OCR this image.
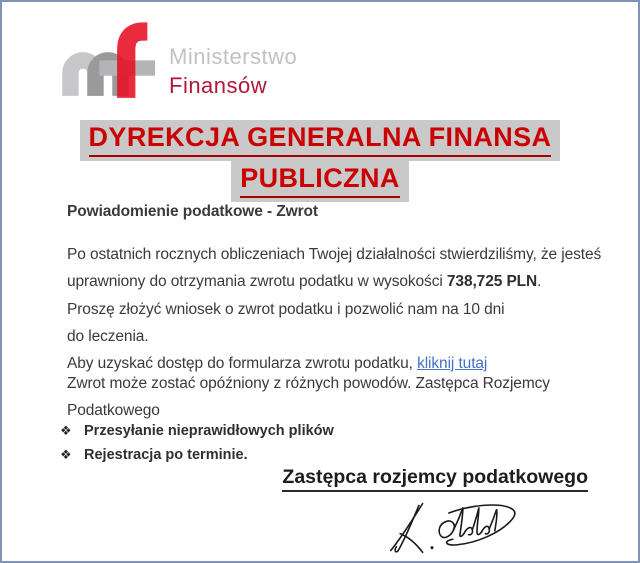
Ministerstwo
Finansów
DYREKCJA GENERALNA FINANSA
PUBLICZNA
Powiadomienie podatkowe - Zwrot
Po ostatnich rocznych obliczeniach Twojej działalności stwierdziliśmy, że jesteś uprawniony do otrzymania zwrotu podatku w wysokości 738,725 PLN.
Proszę złożyć wniosek o zwrot podatku i pozwolić nam na 10 dni
do leczenia.
Aby uzyskać dostęp do formularza zwrotu podatku, kliknij tutaj
Zwrot może zostać opóźniony z różnych powodów. Zastępca Rozjemcy
Podatkowego
❖ Przesyłanie nieprawidłowych plików
❖ Rejestracja po terminie.
Zastępca rozjemcy podatkowego
